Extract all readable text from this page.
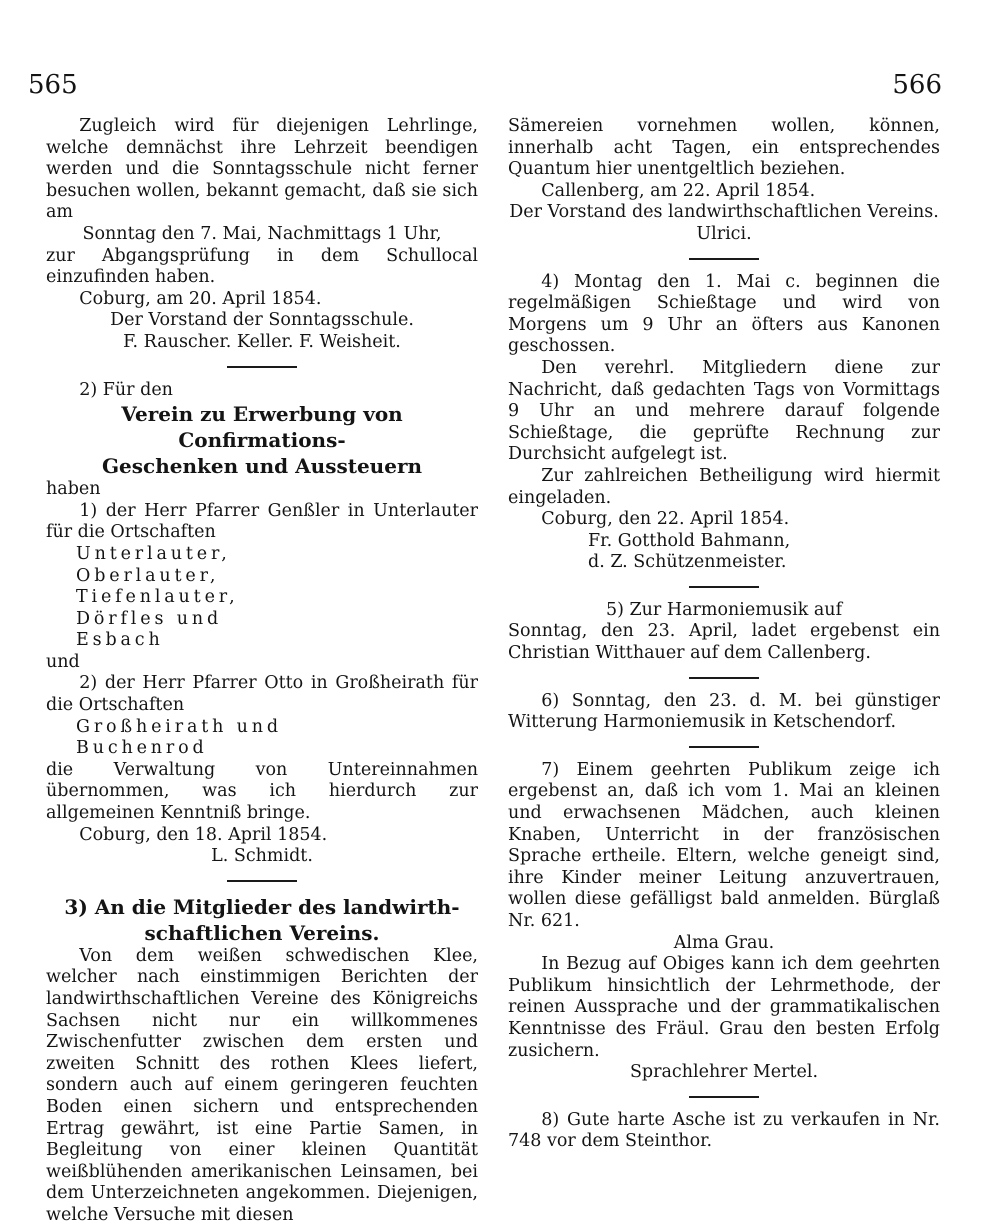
565	566

Zugleich wird für diejenigen Lehrlinge, welche demnächst ihre Lehrzeit beendigen werden und die Sonntagsschule nicht ferner besuchen wollen, bekannt gemacht, daß sie sich am

Sonntag den 7. Mai, Nachmittags 1 Uhr,

zur Abgangsprüfung in dem Schullocal einzufinden haben.

Coburg, am 20. April 1854.

Der Vorstand der Sonntagsschule.

F. Rauscher. Keller. F. Weisheit.

2) Für den

Verein zu Erwerbung von Confirmations-

Geschenken und Aussteuern

haben

1) der Herr Pfarrer Genßler in Unterlauter für die Ortschaften

Unterlauter,

Oberlauter,

Tiefenlauter,

Dörfles und

Esbach

und

2) der Herr Pfarrer Otto in Großheirath für die Ortschaften

Großheirath und

Buchenrod

die Verwaltung von Untereinnahmen übernommen, was ich hierdurch zur allgemeinen Kenntniß bringe.

Coburg, den 18. April 1854.

L. Schmidt.

3) An die Mitglieder des landwirth-

schaftlichen Vereins.

Von dem weißen schwedischen Klee, welcher nach einstimmigen Berichten der landwirthschaftlichen Vereine des Königreichs Sachsen nicht nur ein willkommenes Zwischenfutter zwischen dem ersten und zweiten Schnitt des rothen Klees liefert, sondern auch auf einem geringeren feuchten Boden einen sichern und entsprechenden Ertrag gewährt, ist eine Partie Samen, in Begleitung von einer kleinen Quantität weißblühenden amerikanischen Leinsamen, bei dem Unterzeichneten angekommen. Diejenigen, welche Versuche mit diesen

Sämereien vornehmen wollen, können, innerhalb acht Tagen, ein entsprechendes Quantum hier unentgeltlich beziehen.

Callenberg, am 22. April 1854.

Der Vorstand des landwirthschaftlichen Vereins.

Ulrici.

4) Montag den 1. Mai c. beginnen die regelmäßigen Schießtage und wird von Morgens um 9 Uhr an öfters aus Kanonen geschossen.

Den verehrl. Mitgliedern diene zur Nachricht, daß gedachten Tags von Vormittags 9 Uhr an und mehrere darauf folgende Schießtage, die geprüfte Rechnung zur Durchsicht aufgelegt ist.

Zur zahlreichen Betheiligung wird hiermit eingeladen.

Coburg, den 22. April 1854.

Fr. Gotthold Bahmann,

d. Z. Schützenmeister.

5) Zur Harmoniemusik auf

Sonntag, den 23. April, ladet ergebenst ein Christian Witthauer auf dem Callenberg.

6) Sonntag, den 23. d. M. bei günstiger Witterung Harmoniemusik in Ketschendorf.

7) Einem geehrten Publikum zeige ich ergebenst an, daß ich vom 1. Mai an kleinen und erwachsenen Mädchen, auch kleinen Knaben, Unterricht in der französischen Sprache ertheile. Eltern, welche geneigt sind, ihre Kinder meiner Leitung anzuvertrauen, wollen diese gefälligst bald anmelden. Bürglaß Nr. 621.

Alma Grau.

In Bezug auf Obiges kann ich dem geehrten Publikum hinsichtlich der Lehrmethode, der reinen Aussprache und der grammatikalischen Kenntnisse des Fräul. Grau den besten Erfolg zusichern.

Sprachlehrer Mertel.

8) Gute harte Asche ist zu verkaufen in Nr. 748 vor dem Steinthor.
